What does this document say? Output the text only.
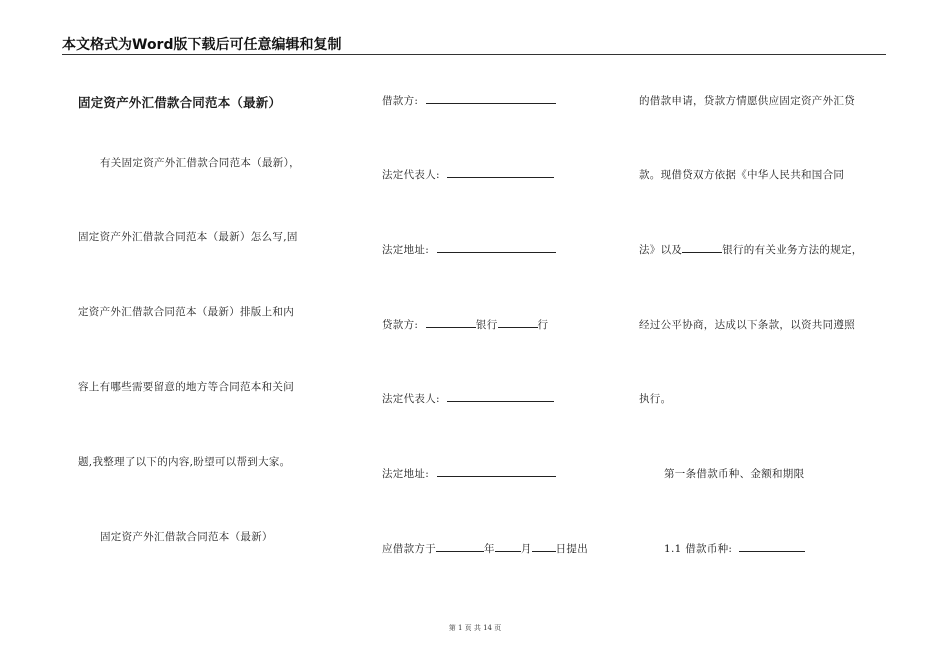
本文格式为Word版下载后可任意编辑和复制
固定资产外汇借款合同范本（最新）
有关固定资产外汇借款合同范本（最新），
固定资产外汇借款合同范本（最新）怎么写,固
定资产外汇借款合同范本（最新）排版上和内
容上有哪些需要留意的地方等合同范本和关问
题,我整理了以下的内容,盼望可以帮到大家。
固定资产外汇借款合同范本（最新）
借款方:
法定代表人:
法定地址:
贷款方:	银行	行
法定代表人:
法定地址:
应借款方于	年 月 日提出
的借款申请，贷款方情愿供应固定资产外汇贷
款。现借贷双方依据《中华人民共和国合同
法》以及	银行的有关业务方法的规定，
经过公平协商，达成以下条款，以资共同遵照
执行。
第一条借款币种、金额和期限
1.1 借款币种:
第 1 页 共 14 页
